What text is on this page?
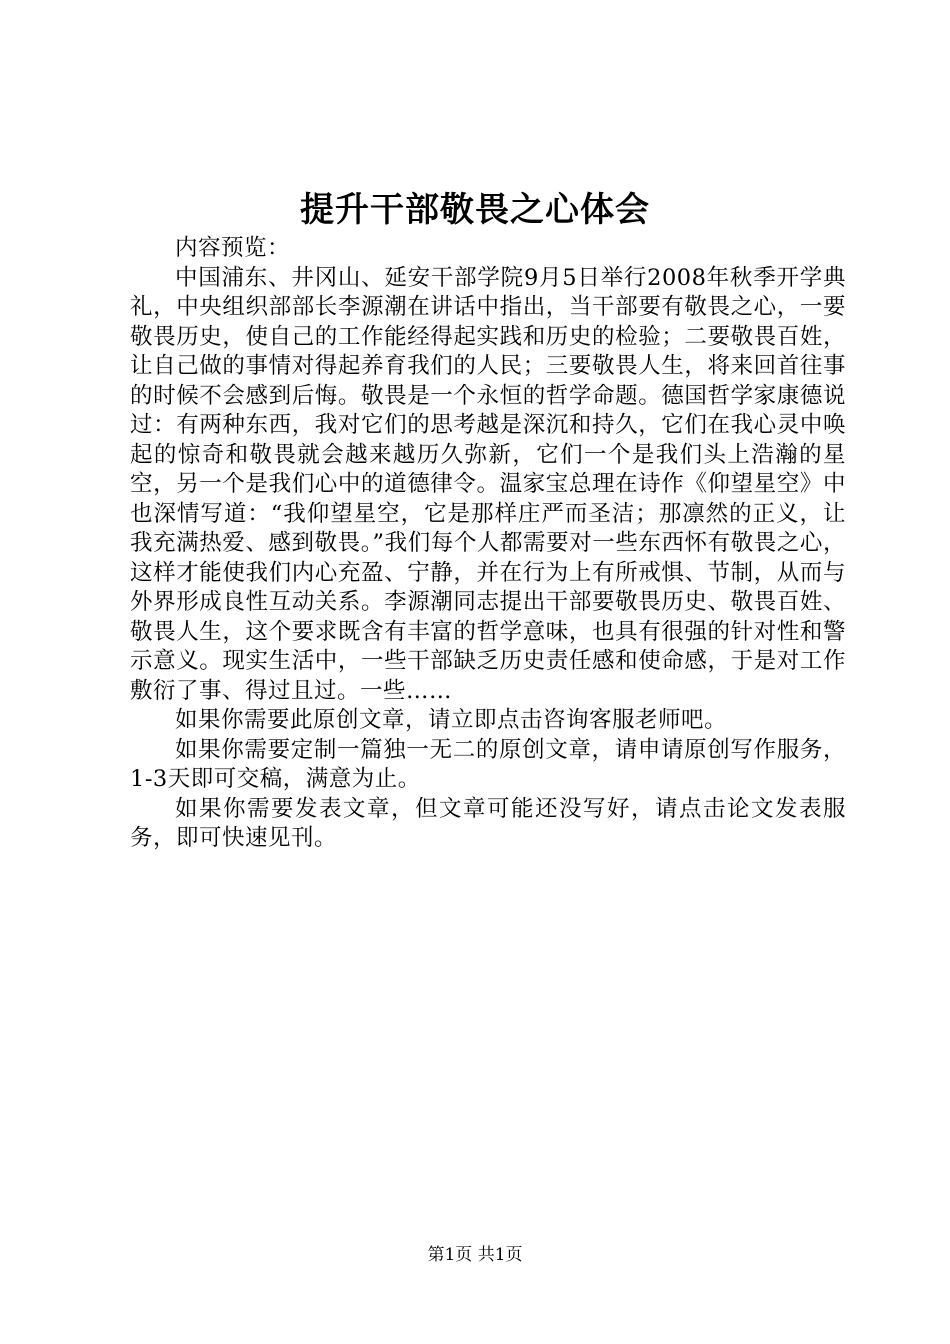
提升干部敬畏之心体会

内容预览：

中国浦东、井冈山、延安干部学院9月5日举行2008年秋季开学典礼，中央组织部部长李源潮在讲话中指出，当干部要有敬畏之心，一要敬畏历史，使自己的工作能经得起实践和历史的检验；二要敬畏百姓，让自己做的事情对得起养育我们的人民；三要敬畏人生，将来回首往事的时候不会感到后悔。敬畏是一个永恒的哲学命题。德国哲学家康德说过：有两种东西，我对它们的思考越是深沉和持久，它们在我心灵中唤起的惊奇和敬畏就会越来越历久弥新，它们一个是我们头上浩瀚的星空，另一个是我们心中的道德律令。温家宝总理在诗作《仰望星空》中也深情写道：“我仰望星空，它是那样庄严而圣洁；那凛然的正义，让我充满热爱、感到敬畏。”我们每个人都需要对一些东西怀有敬畏之心，这样才能使我们内心充盈、宁静，并在行为上有所戒惧、节制，从而与外界形成良性互动关系。李源潮同志提出干部要敬畏历史、敬畏百姓、敬畏人生，这个要求既含有丰富的哲学意味，也具有很强的针对性和警示意义。现实生活中，一些干部缺乏历史责任感和使命感，于是对工作敷衍了事、得过且过。一些……

如果你需要此原创文章，请立即点击咨询客服老师吧。

如果你需要定制一篇独一无二的原创文章，请申请原创写作服务，1-3天即可交稿，满意为止。

如果你需要发表文章，但文章可能还没写好，请点击论文发表服务，即可快速见刊。

第1页 共1页
